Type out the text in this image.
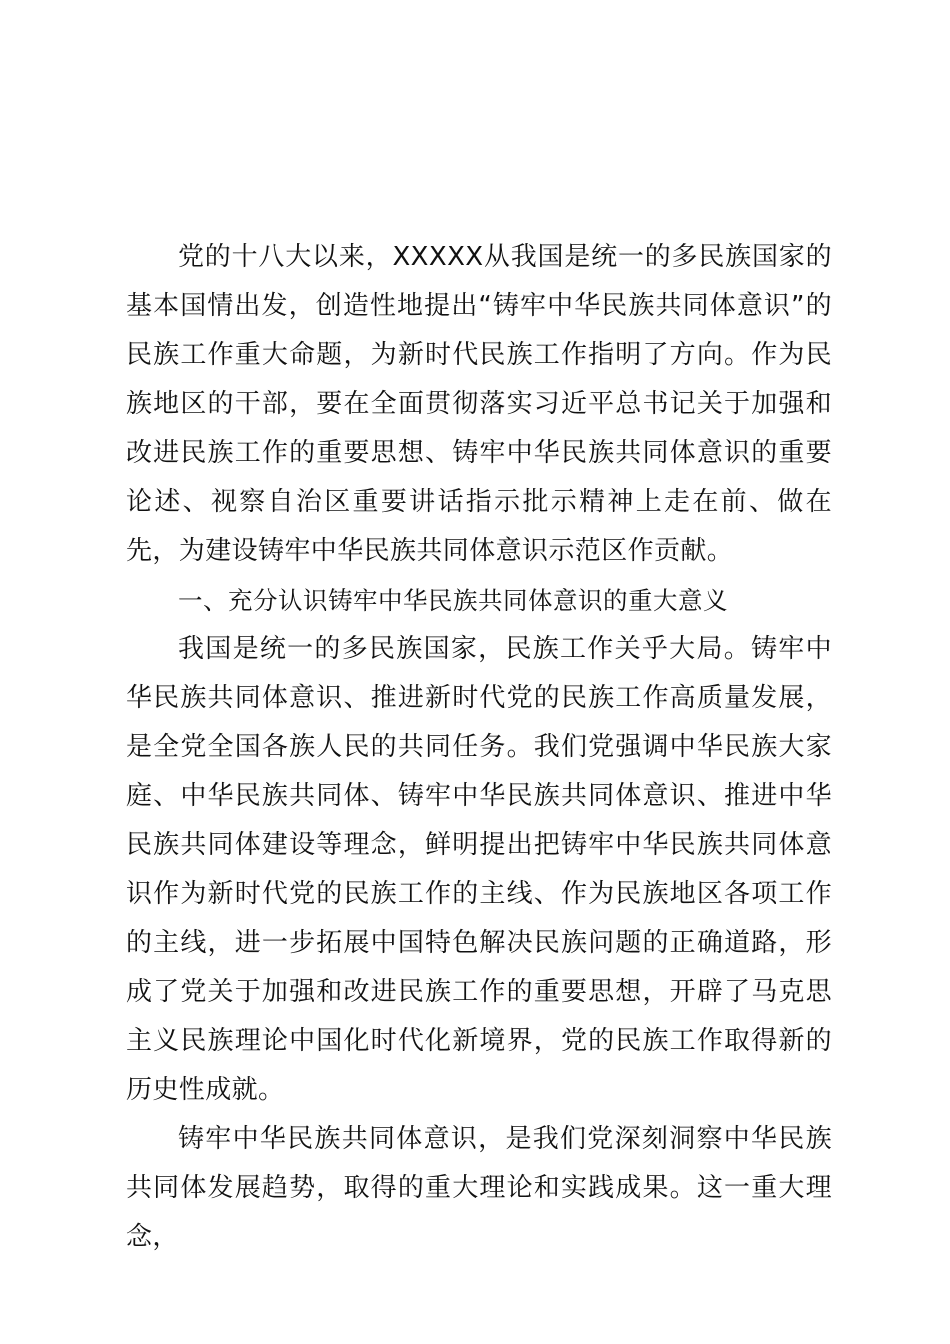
党的十八大以来，XXXXX从我国是统一的多民族国家的基本国情出发，创造性地提出“铸牢中华民族共同体意识”的民族工作重大命题，为新时代民族工作指明了方向。作为民族地区的干部，要在全面贯彻落实习近平总书记关于加强和改进民族工作的重要思想、铸牢中华民族共同体意识的重要论述、视察自治区重要讲话指示批示精神上走在前、做在先，为建设铸牢中华民族共同体意识示范区作贡献。

一、充分认识铸牢中华民族共同体意识的重大意义

我国是统一的多民族国家，民族工作关乎大局。铸牢中华民族共同体意识、推进新时代党的民族工作高质量发展，是全党全国各族人民的共同任务。我们党强调中华民族大家庭、中华民族共同体、铸牢中华民族共同体意识、推进中华民族共同体建设等理念，鲜明提出把铸牢中华民族共同体意识作为新时代党的民族工作的主线、作为民族地区各项工作的主线，进一步拓展中国特色解决民族问题的正确道路，形成了党关于加强和改进民族工作的重要思想，开辟了马克思主义民族理论中国化时代化新境界，党的民族工作取得新的历史性成就。

铸牢中华民族共同体意识，是我们党深刻洞察中华民族共同体发展趋势，取得的重大理论和实践成果。这一重大理念，
